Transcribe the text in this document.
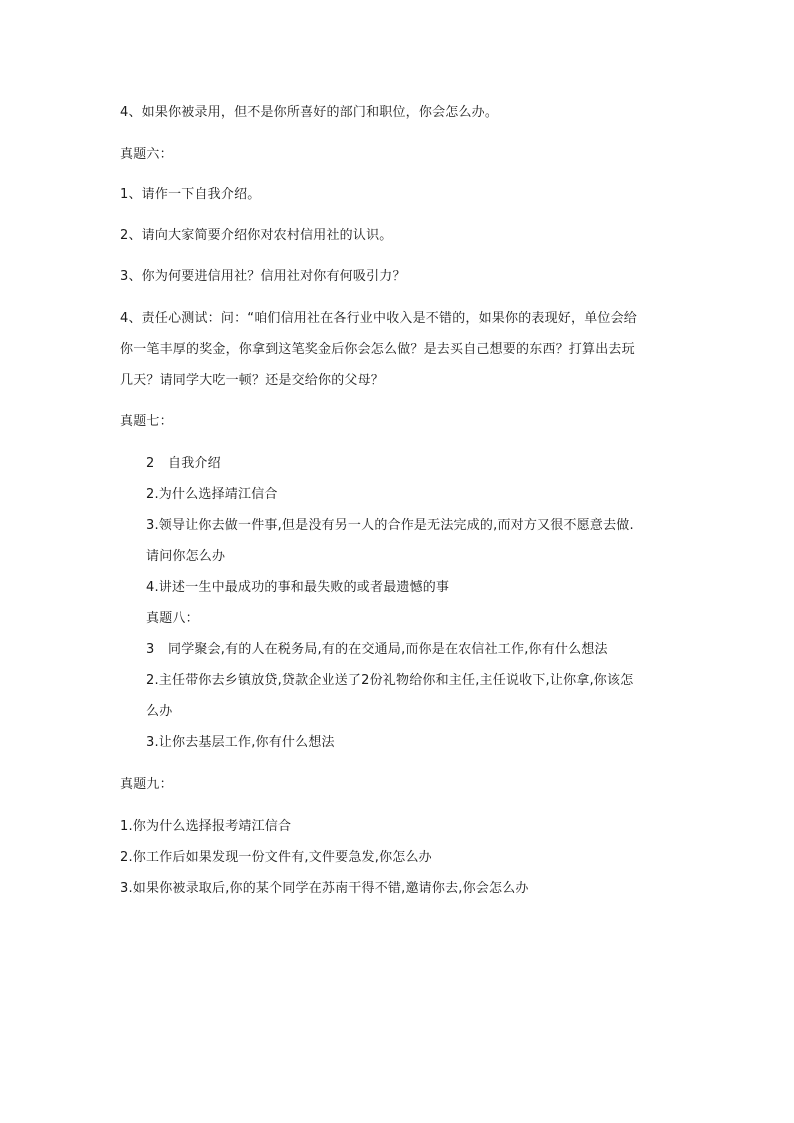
4、如果你被录用，但不是你所喜好的部门和职位，你会怎么办。
真题六：
1、请作一下自我介绍。
2、请向大家简要介绍你对农村信用社的认识。
3、你为何要进信用社？信用社对你有何吸引力？
4、责任心测试：问：“咱们信用社在各行业中收入是不错的，如果你的表现好，单位会给
你一笔丰厚的奖金，你拿到这笔奖金后你会怎么做？是去买自己想要的东西？打算出去玩
几天？请同学大吃一顿？还是交给你的父母？
真题七：
2 自我介绍
2.为什么选择靖江信合
3.领导让你去做一件事,但是没有另一人的合作是无法完成的,而对方又很不愿意去做.
请问你怎么办
4.讲述一生中最成功的事和最失败的或者最遗憾的事
真题八：
3 同学聚会,有的人在税务局,有的在交通局,而你是在农信社工作,你有什么想法
2.主任带你去乡镇放贷,贷款企业送了2份礼物给你和主任,主任说收下,让你拿,你该怎
么办
3.让你去基层工作,你有什么想法
真题九：
1.你为什么选择报考靖江信合
2.你工作后如果发现一份文件有,文件要急发,你怎么办
3.如果你被录取后,你的某个同学在苏南干得不错,邀请你去,你会怎么办
